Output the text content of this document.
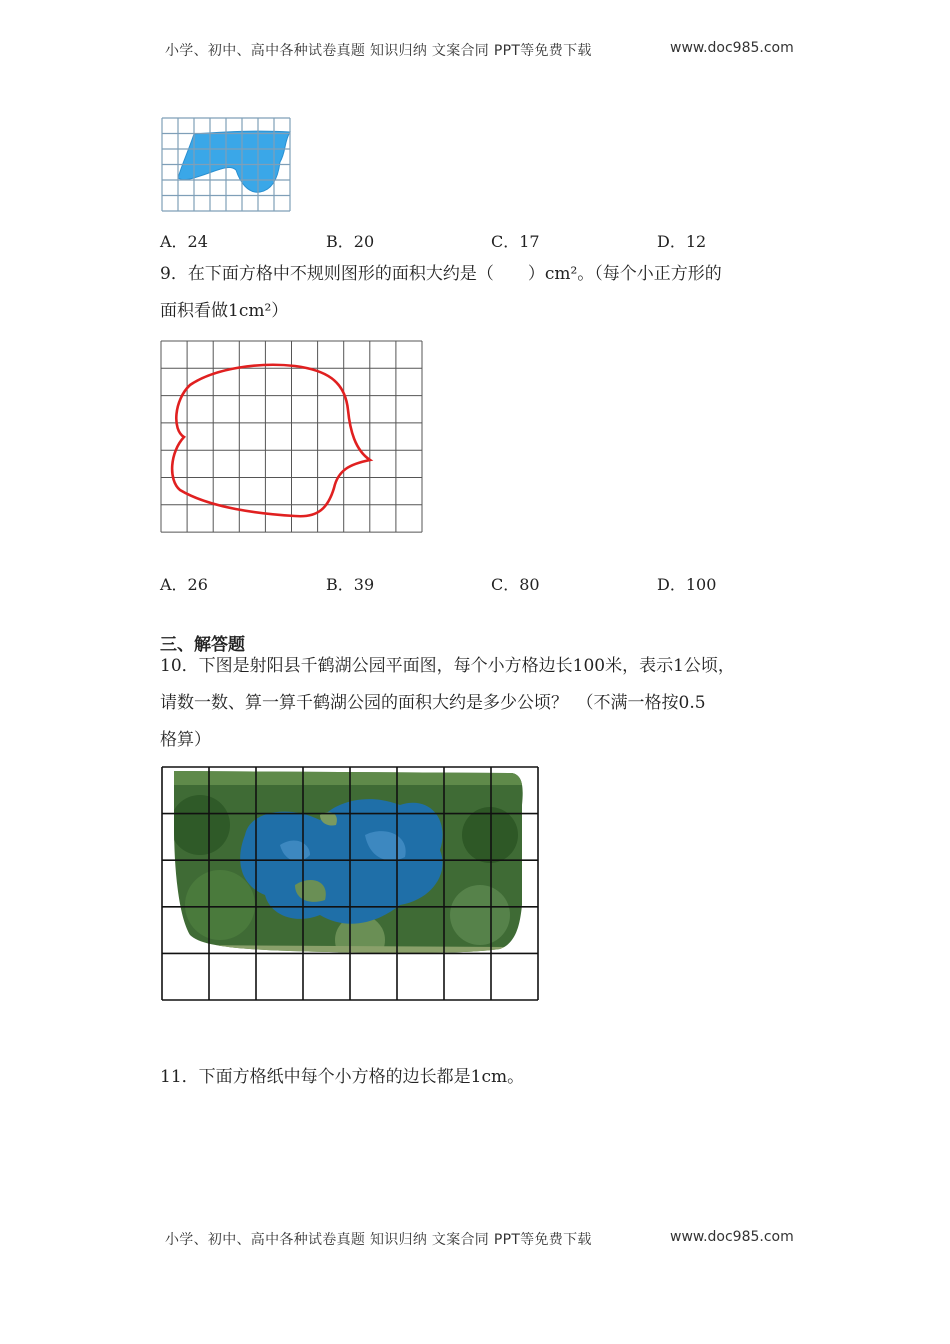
小学、初中、高中各种试卷真题 知识归纳 文案合同 PPT等免费下载	www.doc985.com
A．24	B．20	C．17	D．12
9．在下面方格中不规则图形的面积大约是（　　）cm²。（每个小正方形的
面积看做1cm²）
A．26	B．39	C．80	D．100
三、解答题
10．下图是射阳县千鹤湖公园平面图，每个小方格边长100米，表示1公顷，
请数一数、算一算千鹤湖公园的面积大约是多少公顷？　（不满一格按0.5
格算）
11．下面方格纸中每个小方格的边长都是1cm。
小学、初中、高中各种试卷真题 知识归纳 文案合同 PPT等免费下载	www.doc985.com
